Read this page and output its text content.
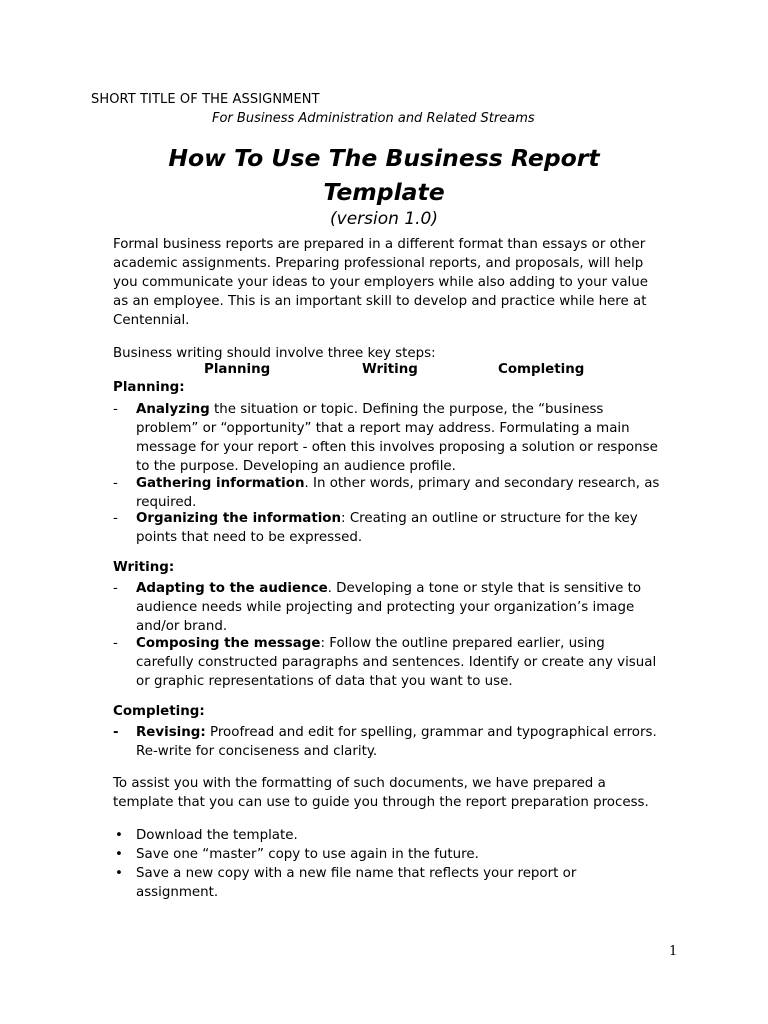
SHORT TITLE OF THE ASSIGNMENT
For Business Administration and Related Streams
How To Use The Business Report
Template
(version 1.0)
Formal business reports are prepared in a different format than essays or other
academic assignments. Preparing professional reports, and proposals, will help
you communicate your ideas to your employers while also adding to your value
as an employee. This is an important skill to develop and practice while here at
Centennial.
Business writing should involve three key steps:
Planning	Writing	Completing
Planning:
-	Analyzing the situation or topic. Defining the purpose, the “business
problem” or “opportunity” that a report may address. Formulating a main
message for your report - often this involves proposing a solution or response
to the purpose. Developing an audience profile.
-	Gathering information. In other words, primary and secondary research, as
required.
-	Organizing the information: Creating an outline or structure for the key
points that need to be expressed.
Writing:
-	Adapting to the audience. Developing a tone or style that is sensitive to
audience needs while projecting and protecting your organization’s image
and/or brand.
-	Composing the message: Follow the outline prepared earlier, using
carefully constructed paragraphs and sentences. Identify or create any visual
or graphic representations of data that you want to use.
Completing:
-	Revising: Proofread and edit for spelling, grammar and typographical errors.
Re-write for conciseness and clarity.
To assist you with the formatting of such documents, we have prepared a
template that you can use to guide you through the report preparation process.
• Download the template.
• Save one “master” copy to use again in the future.
• Save a new copy with a new file name that reflects your report or
assignment.
1
